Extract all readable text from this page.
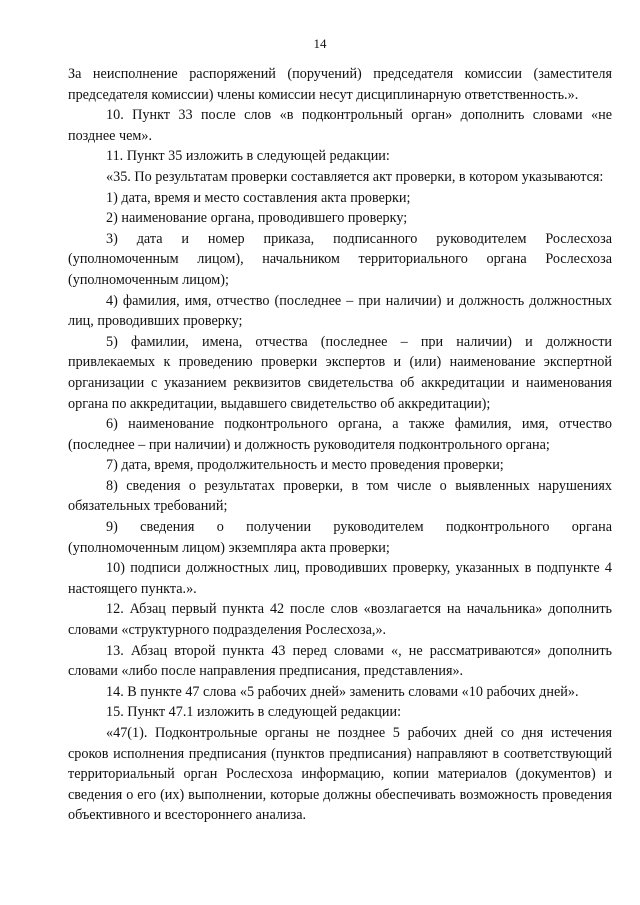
14

За неисполнение распоряжений (поручений) председателя комиссии (заместителя председателя комиссии) члены комиссии несут дисциплинарную ответственность.».

10. Пункт 33 после слов «в подконтрольный орган» дополнить словами «не позднее чем».

11. Пункт 35 изложить в следующей редакции:

«35. По результатам проверки составляется акт проверки, в котором указываются:

1) дата, время и место составления акта проверки;

2) наименование органа, проводившего проверку;

3) дата и номер приказа, подписанного руководителем Рослесхоза (уполномоченным лицом), начальником территориального органа Рослесхоза (уполномоченным лицом);

4) фамилия, имя, отчество (последнее – при наличии) и должность должностных лиц, проводивших проверку;

5) фамилии, имена, отчества (последнее – при наличии) и должности привлекаемых к проведению проверки экспертов и (или) наименование экспертной организации с указанием реквизитов свидетельства об аккредитации и наименования органа по аккредитации, выдавшего свидетельство об аккредитации);

6) наименование подконтрольного органа, а также фамилия, имя, отчество (последнее – при наличии) и должность руководителя подконтрольного органа;

7) дата, время, продолжительность и место проведения проверки;

8) сведения о результатах проверки, в том числе о выявленных нарушениях обязательных требований;

9) сведения о получении руководителем подконтрольного органа (уполномоченным лицом) экземпляра акта проверки;

10) подписи должностных лиц, проводивших проверку, указанных в подпункте 4 настоящего пункта.».

12. Абзац первый пункта 42 после слов «возлагается на начальника» дополнить словами «структурного подразделения Рослесхоза,».

13. Абзац второй пункта 43 перед словами «, не рассматриваются» дополнить словами «либо после направления предписания, представления».

14. В пункте 47 слова «5 рабочих дней» заменить словами «10 рабочих дней».

15. Пункт 47.1 изложить в следующей редакции:

«47(1). Подконтрольные органы не позднее 5 рабочих дней со дня истечения сроков исполнения предписания (пунктов предписания) направляют в соответствующий территориальный орган Рослесхоза информацию, копии материалов (документов) и сведения о его (их) выполнении, которые должны обеспечивать возможность проведения объективного и всестороннего анализа.
